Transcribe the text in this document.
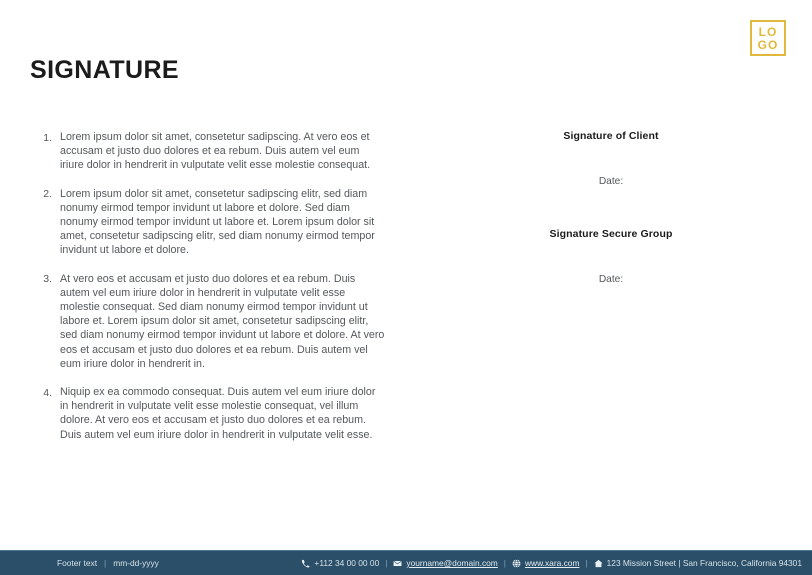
LO
GO
SIGNATURE
1. Lorem ipsum dolor sit amet, consetetur sadipscing. At vero eos et accusam et justo duo dolores et ea rebum. Duis autem vel eum iriure dolor in hendrerit in vulputate velit esse molestie consequat.
2. Lorem ipsum dolor sit amet, consetetur sadipscing elitr, sed diam nonumy eirmod tempor invidunt ut labore et dolore. Sed diam nonumy eirmod tempor invidunt ut labore et. Lorem ipsum dolor sit amet, consetetur sadipscing elitr, sed diam nonumy eirmod tempor invidunt ut labore et dolore.
3. At vero eos et accusam et justo duo dolores et ea rebum. Duis autem vel eum iriure dolor in hendrerit in vulputate velit esse molestie consequat. Sed diam nonumy eirmod tempor invidunt ut labore et. Lorem ipsum dolor sit amet, consetetur sadipscing elitr, sed diam nonumy eirmod tempor invidunt ut labore et dolore. At vero eos et accusam et justo duo dolores et ea rebum. Duis autem vel eum iriure dolor in hendrerit in.
4. Niquip ex ea commodo consequat. Duis autem vel eum iriure dolor in hendrerit in vulputate velit esse molestie consequat, vel illum dolore. At vero eos et accusam et justo duo dolores et ea rebum. Duis autem vel eum iriure dolor in hendrerit in vulputate velit esse.
Signature of Client
Date:
Signature Secure Group
Date:
Footer text | mm-dd-yyyy	+112 34 00 00 00 | yourname@domain.com | www.xara.com | 123 Mission Street | San Francisco, California 94301
